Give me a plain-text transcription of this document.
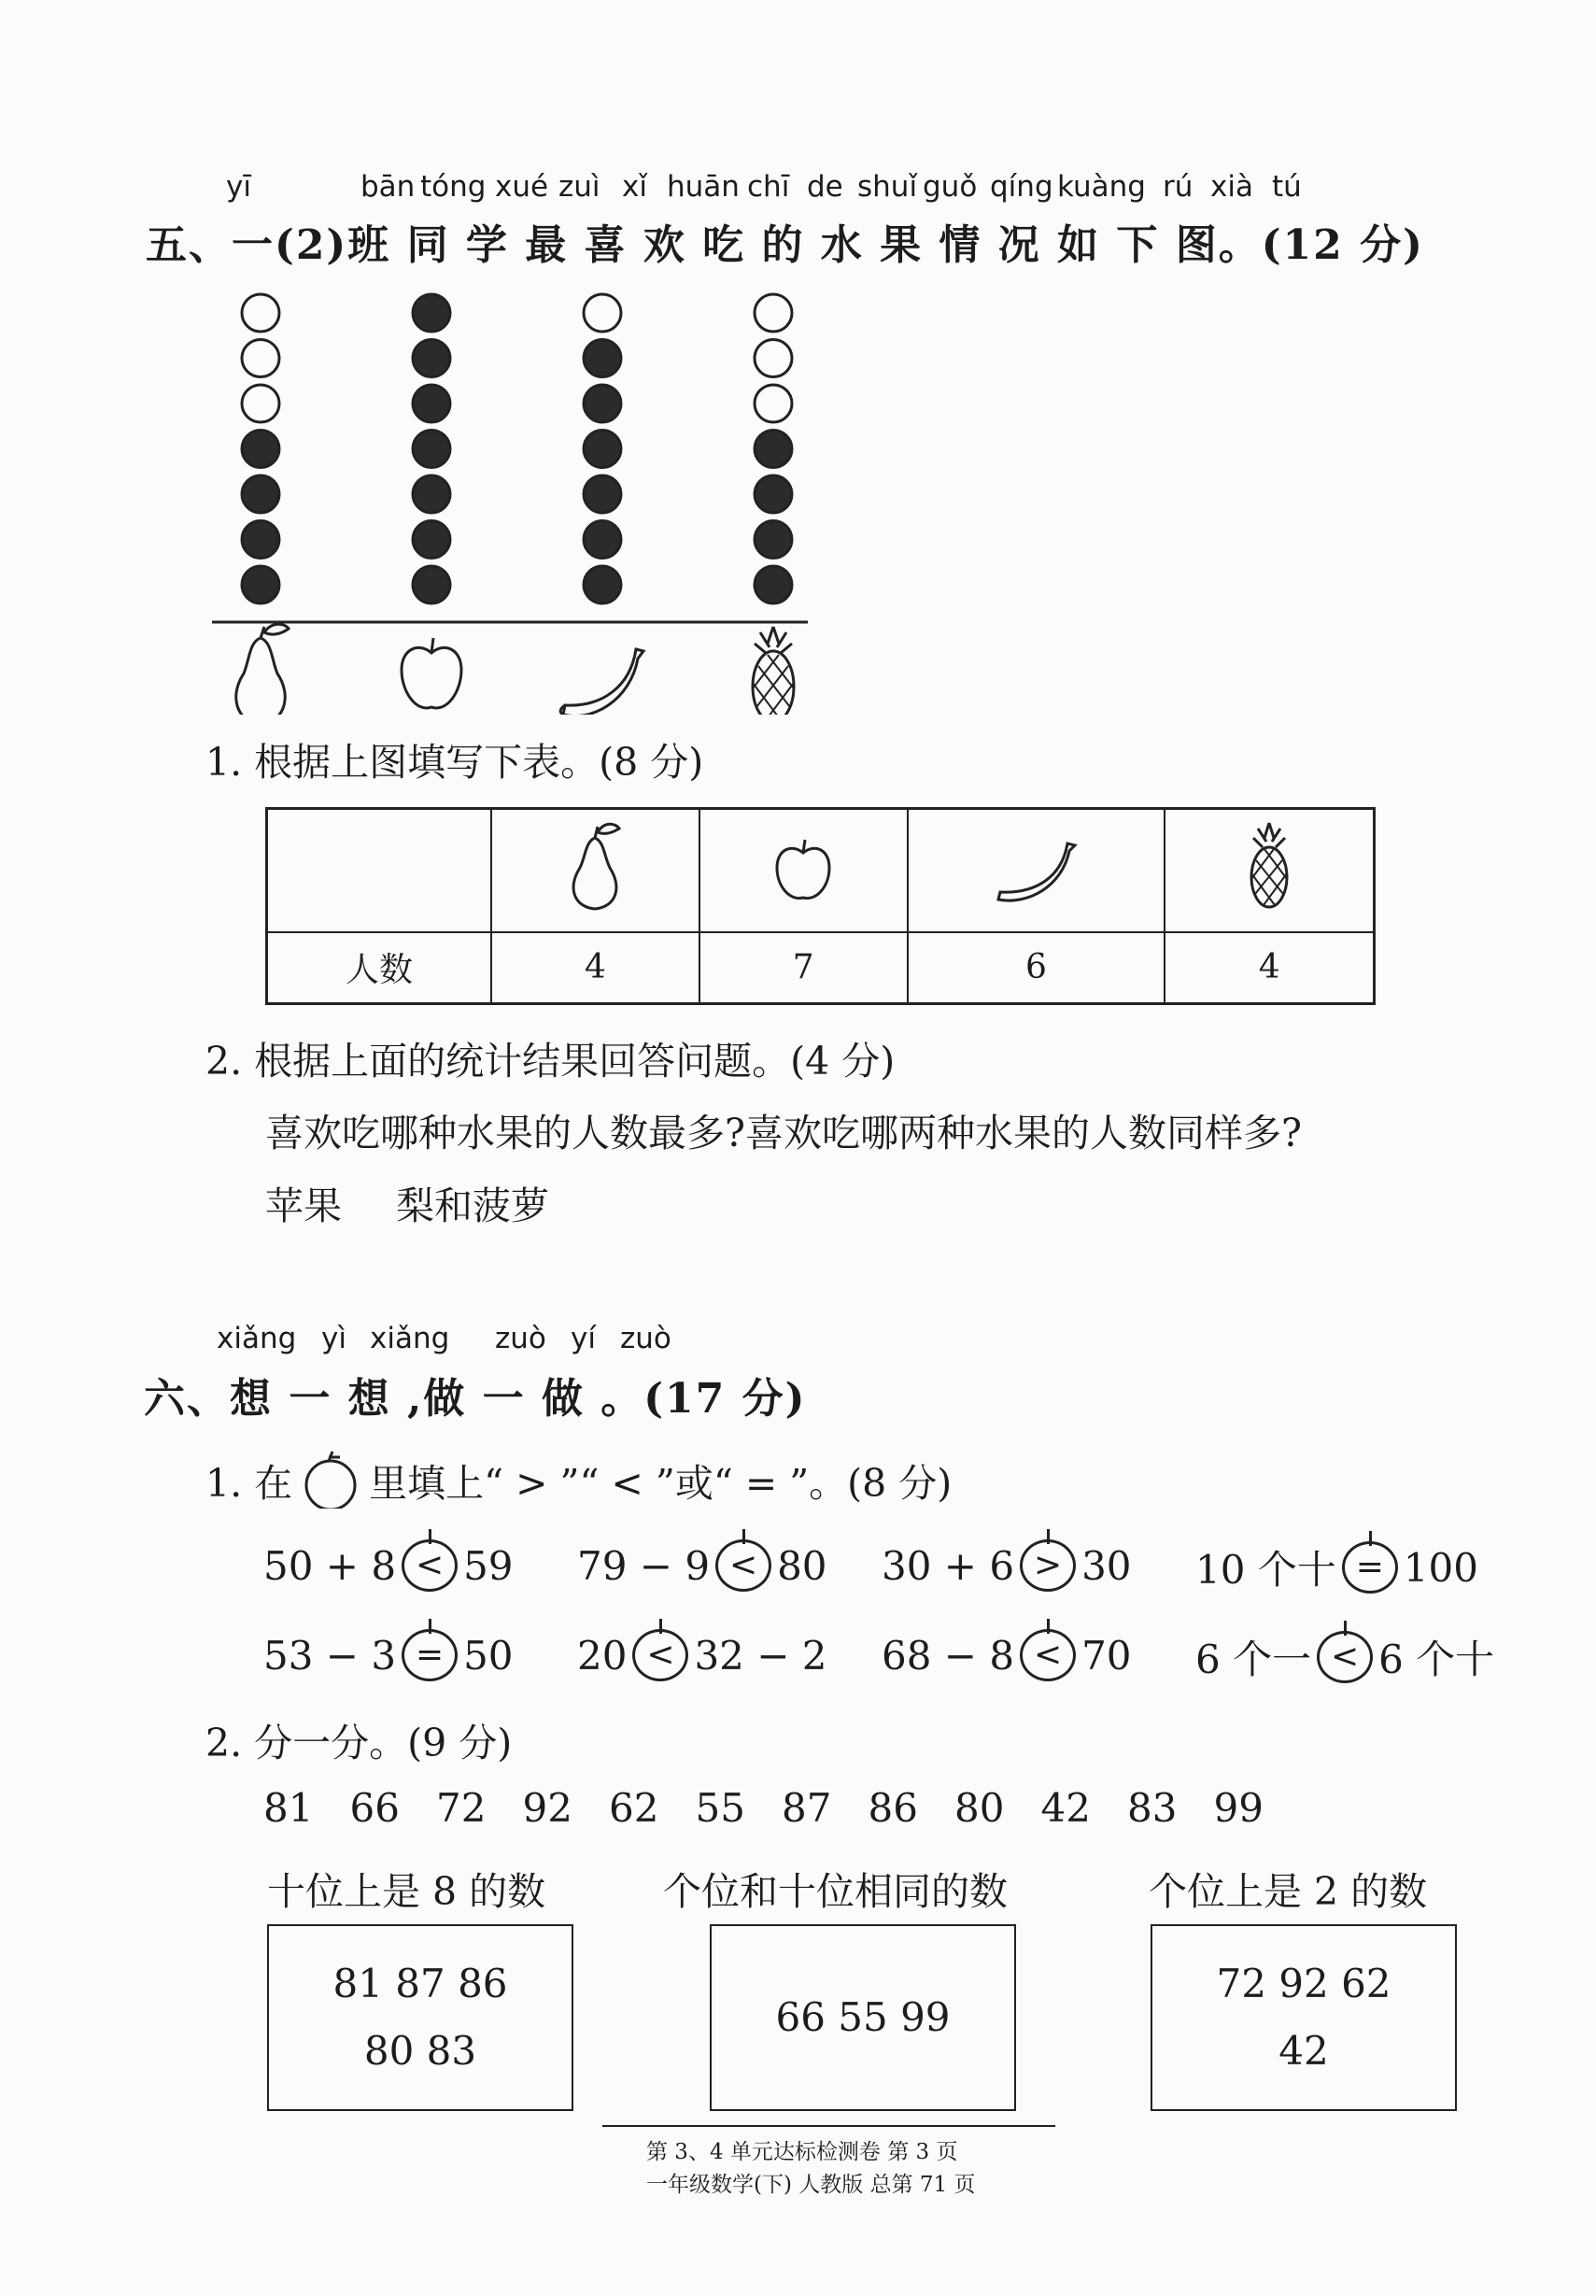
yī	bān tóng xué zuì xǐ huān chī de shuǐ guǒ qíng kuàng rú xià tú
五、一(2)班 同 学 最 喜 欢 吃 的 水 果 情 况 如 下 图。(12 分)
1. 根据上图填写下表。(8 分)

人数	4	7	6	4
2. 根据上面的统计结果回答问题。(4 分)
喜欢吃哪种水果的人数最多?喜欢吃哪两种水果的人数同样多?
苹果 梨和菠萝
xiǎng yì xiǎng zuò yí zuò
六、想 一 想 ,做 一 做 。(17 分)
1. 在 里填上“ > ”“ < ”或“ = ”。(8 分)
50 + 8 < 59 79 − 9 < 80 30 + 6 > 30 10 个十 = 100
53 − 3 = 50 20 < 32 − 2 68 − 8 < 70 6 个一 < 6 个十
2. 分一分。(9 分)
81 66 72 92 62 55 87 86 80 42 83 99
十位上是 8 的数	个位和十位相同的数	个位上是 2 的数
81 87 86
80 83
66 55 99
72 92 62
42
第 3、4 单元达标检测卷 第 3 页
一年级数学(下) 人教版 总第 71 页
